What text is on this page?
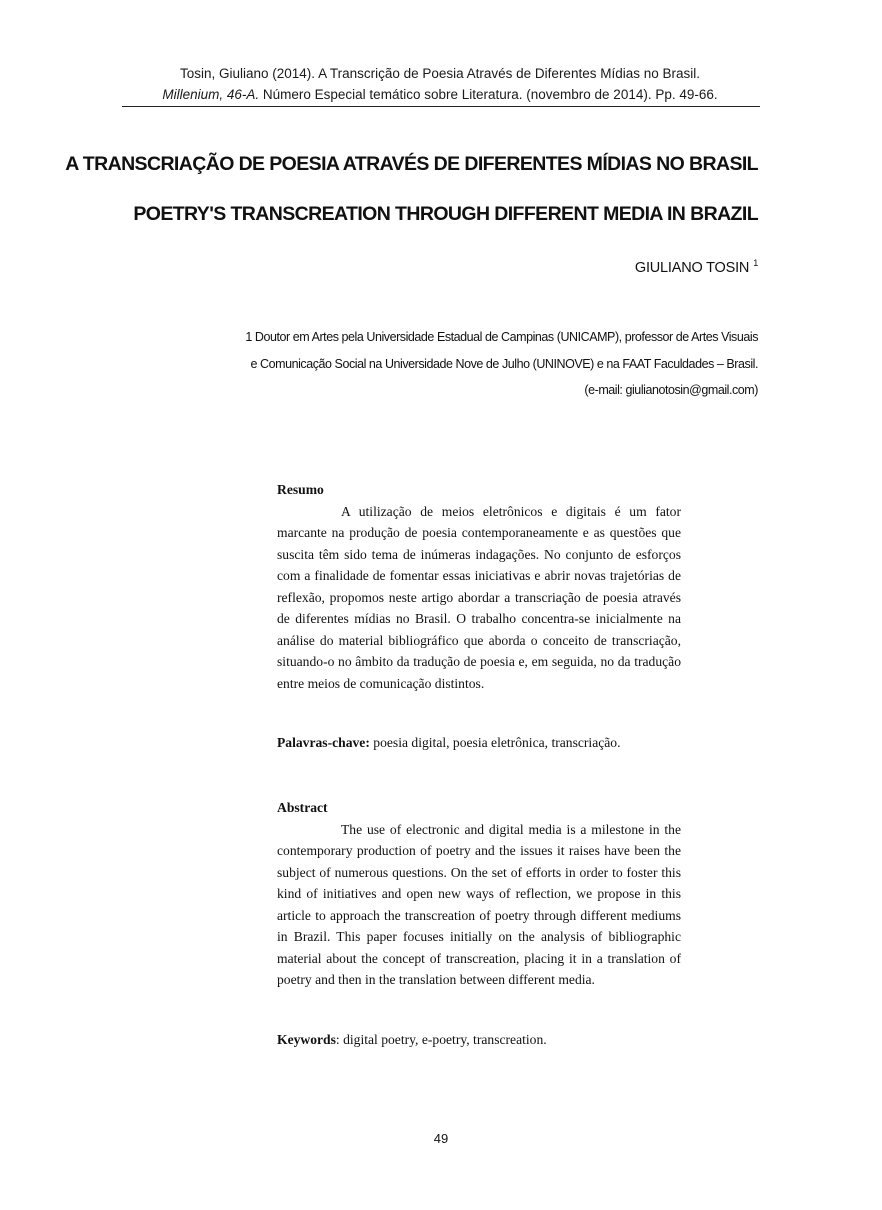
Tosin, Giuliano (2014). A Transcrição de Poesia Através de Diferentes Mídias no Brasil.
Millenium, 46-A. Número Especial temático sobre Literatura. (novembro de 2014). Pp. 49-66.
A TRANSCRIAÇÃO DE POESIA ATRAVÉS DE DIFERENTES MÍDIAS NO BRASIL
POETRY'S TRANSCREATION THROUGH DIFFERENT MEDIA IN BRAZIL
GIULIANO TOSIN $^1$
1 Doutor em Artes pela Universidade Estadual de Campinas (UNICAMP), professor de Artes Visuais
e Comunicação Social na Universidade Nove de Julho (UNINOVE) e na FAAT Faculdades – Brasil.
(e-mail: giulianotosin@gmail.com)

Resumo

A utilização de meios eletrônicos e digitais é um fator marcante na produção de poesia contemporaneamente e as questões que suscita têm sido tema de inúmeras indagações. No conjunto de esforços com a finalidade de fomentar essas iniciativas e abrir novas trajetórias de reflexão, propomos neste artigo abordar a transcriação de poesia através de diferentes mídias no Brasil. O trabalho concentra-se inicialmente na análise do material bibliográfico que aborda o conceito de transcriação, situando-o no âmbito da tradução de poesia e, em seguida, no da tradução entre meios de comunicação distintos.

Palavras-chave: poesia digital, poesia eletrônica, transcriação.

Abstract

The use of electronic and digital media is a milestone in the contemporary production of poetry and the issues it raises have been the subject of numerous questions. On the set of efforts in order to foster this kind of initiatives and open new ways of reflection, we propose in this article to approach the transcreation of poetry through different mediums in Brazil. This paper focuses initially on the analysis of bibliographic material about the concept of transcreation, placing it in a translation of poetry and then in the translation between different media.

Keywords: digital poetry, e-poetry, transcreation.
49
